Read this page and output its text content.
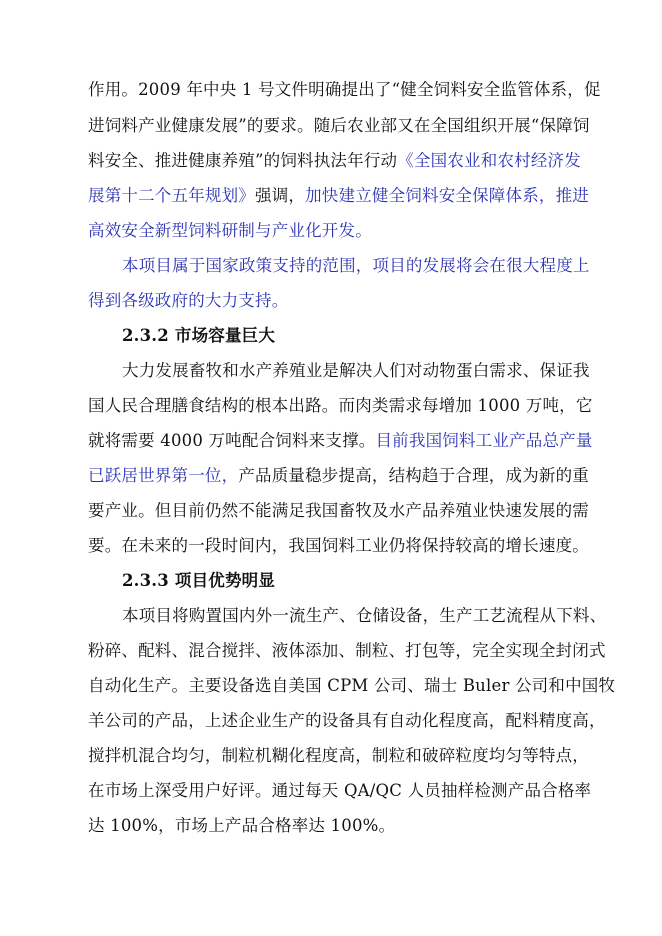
作用。2009 年中央 1 号文件明确提出了“健全饲料安全监管体系，促
进饲料产业健康发展”的要求。随后农业部又在全国组织开展“保障饲
料安全、推进健康养殖”的饲料执法年行动《全国农业和农村经济发
展第十二个五年规划》强调，加快建立健全饲料安全保障体系，推进
高效安全新型饲料研制与产业化开发。
本项目属于国家政策支持的范围，项目的发展将会在很大程度上
得到各级政府的大力支持。
2.3.2 市场容量巨大
大力发展畜牧和水产养殖业是解决人们对动物蛋白需求、保证我
国人民合理膳食结构的根本出路。而肉类需求每增加 1000 万吨，它
就将需要 4000 万吨配合饲料来支撑。目前我国饲料工业产品总产量
已跃居世界第一位，产品质量稳步提高，结构趋于合理，成为新的重
要产业。但目前仍然不能满足我国畜牧及水产品养殖业快速发展的需
要。在未来的一段时间内，我国饲料工业仍将保持较高的增长速度。
2.3.3 项目优势明显
本项目将购置国内外一流生产、仓储设备，生产工艺流程从下料、
粉碎、配料、混合搅拌、液体添加、制粒、打包等，完全实现全封闭式
自动化生产。主要设备选自美国 CPM 公司、瑞士 Buler 公司和中国牧
羊公司的产品，上述企业生产的设备具有自动化程度高，配料精度高，
搅拌机混合均匀，制粒机糊化程度高，制粒和破碎粒度均匀等特点，
在市场上深受用户好评。通过每天 QA/QC 人员抽样检测产品合格率
达 100%，市场上产品合格率达 100%。
